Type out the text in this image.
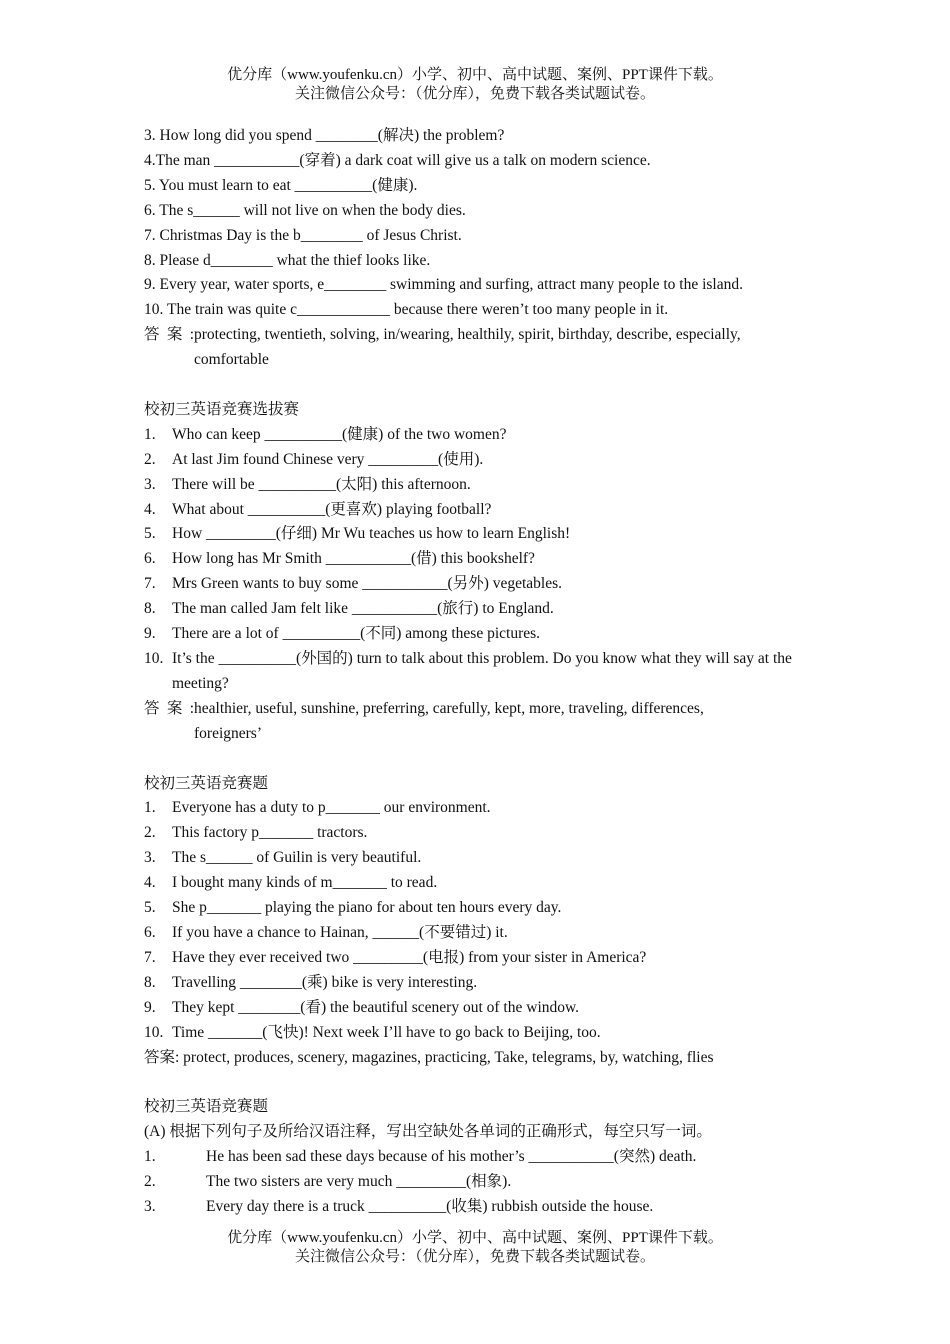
优分库（www.youfenku.cn）小学、初中、高中试题、案例、PPT课件下载。
关注微信公众号：（优分库），免费下载各类试题试卷。
3. How long did you spend ________(解决) the problem?
4.The man ___________(穿着) a dark coat will give us a talk on modern science.
5. You must learn to eat __________(健康).
6. The s______ will not live on when the body dies.
7. Christmas Day is the b________ of Jesus Christ.
8. Please d________ what the thief looks like.
9. Every year, water sports, e________ swimming and surfing, attract many people to the island.
10. The train was quite c____________ because there weren’t too many people in it.
答案: protecting, twentieth, solving, in/wearing, healthily, spirit, birthday, describe, especially,
comfortable
校初三英语竞赛选拔赛
1.	Who can keep __________(健康) of the two women?
2.	At last Jim found Chinese very _________(使用).
3.	There will be __________(太阳) this afternoon.
4.	What about __________(更喜欢) playing football?
5.	How _________(仔细) Mr Wu teaches us how to learn English!
6.	How long has Mr Smith ___________(借) this bookshelf?
7.	Mrs Green wants to buy some ___________(另外) vegetables.
8.	The man called Jam felt like ___________(旅行) to England.
9.	There are a lot of __________(不同) among these pictures.
10. It’s the __________(外国的) turn to talk about this problem. Do you know what they will say at the meeting?
答 案 : healthier, useful, sunshine, preferring, carefully, kept, more, traveling, differences,
foreigners’
校初三英语竞赛题
1.	Everyone has a duty to p_______ our environment.
2.	This factory p_______ tractors.
3.	The s______ of Guilin is very beautiful.
4.	I bought many kinds of m_______ to read.
5.	She p_______ playing the piano for about ten hours every day.
6.	If you have a chance to Hainan, ______(不要错过) it.
7.	Have they ever received two _________(电报) from your sister in America?
8.	Travelling ________(乘) bike is very interesting.
9.	They kept ________(看) the beautiful scenery out of the window.
10. Time _______(飞快)! Next week I’ll have to go back to Beijing, too.
答案: protect, produces, scenery, magazines, practicing, Take, telegrams, by, watching, flies
校初三英语竞赛题
(A) 根据下列句子及所给汉语注释，写出空缺处各单词的正确形式，每空只写一词。
1.	He has been sad these days because of his mother’s ___________(突然) death.
2.	The two sisters are very much _________(相象).
3.	Every day there is a truck __________(收集) rubbish outside the house.
优分库（www.youfenku.cn）小学、初中、高中试题、案例、PPT课件下载。
关注微信公众号：（优分库），免费下载各类试题试卷。
